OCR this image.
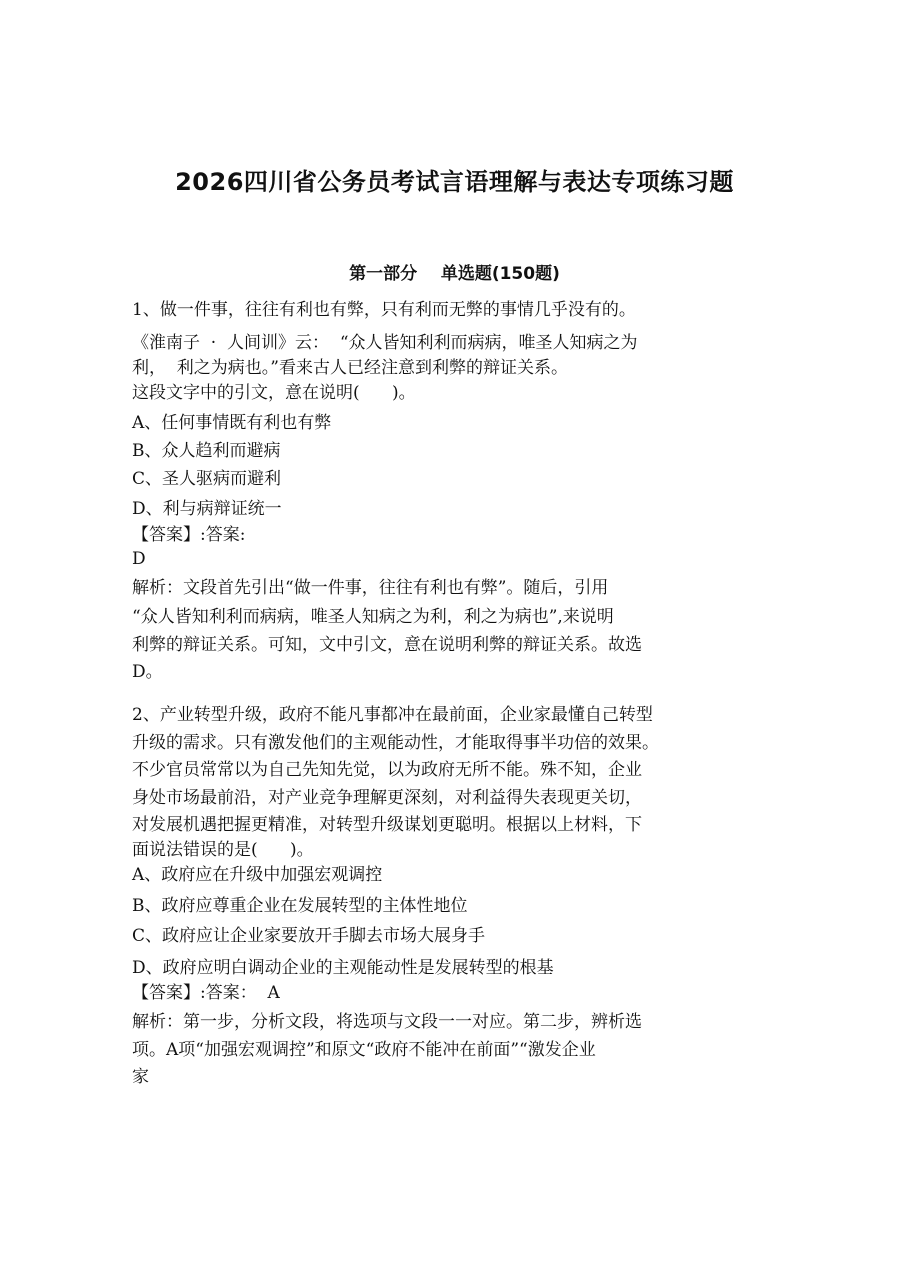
2026四川省公务员考试言语理解与表达专项练习题
第一部分    单选题(150题)
1、做一件事，往往有利也有弊，只有利而无弊的事情几乎没有的。
《淮南子  ·  人间训》云：  “众人皆知利利而病病，唯圣人知病之为
利，  利之为病也。”看来古人已经注意到利弊的辩证关系。
这段文字中的引文，意在说明(      )。
A、任何事情既有利也有弊
B、众人趋利而避病
C、圣人驱病而避利
D、利与病辩证统一
【答案】:答案:
D
解析：文段首先引出“做一件事，往往有利也有弊”。随后，引用
“众人皆知利利而病病，唯圣人知病之为利，利之为病也”,来说明
利弊的辩证关系。可知，文中引文，意在说明利弊的辩证关系。故选
D。
2、产业转型升级，政府不能凡事都冲在最前面，企业家最懂自己转型
升级的需求。只有激发他们的主观能动性，才能取得事半功倍的效果。
不少官员常常以为自己先知先觉，以为政府无所不能。殊不知，企业
身处市场最前沿，对产业竞争理解更深刻，对利益得失表现更关切，
对发展机遇把握更精准，对转型升级谋划更聪明。根据以上材料，下
面说法错误的是(      )。
A、政府应在升级中加强宏观调控
B、政府应尊重企业在发展转型的主体性地位
C、政府应让企业家要放开手脚去市场大展身手
D、政府应明白调动企业的主观能动性是发展转型的根基
【答案】:答案：  A
解析：第一步，分析文段，将选项与文段一一对应。第二步，辨析选
项。A项“加强宏观调控”和原文“政府不能冲在前面”“激发企业
家
